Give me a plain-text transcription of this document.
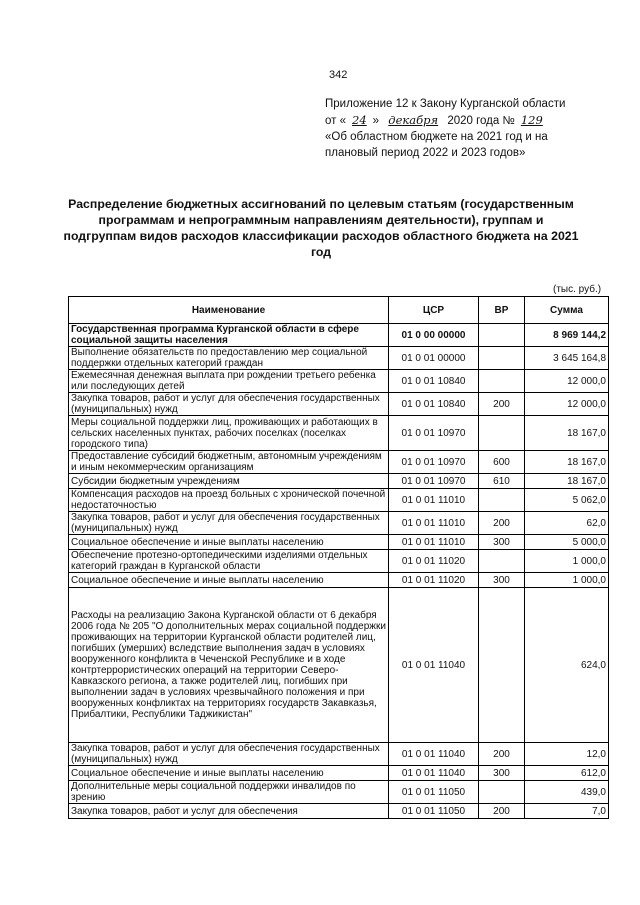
342
Приложение 12 к Закону Курганской области
от « 24 » декабря 2020 года № 129
«Об областном бюджете на 2021 год и на
плановый период 2022 и 2023 годов»
Распределение бюджетных ассигнований по целевым статьям (государственным программам и непрограммным направлениям деятельности), группам и подгруппам видов расходов классификации расходов областного бюджета на 2021 год
(тыс. руб.)
Наименование	ЦСР	ВР	Сумма
Государственная программа Курганской области в сфере социальной защиты населения	01 0 00 00000		8 969 144,2
Выполнение обязательств по предоставлению мер социальной поддержки отдельных категорий граждан	01 0 01 00000		3 645 164,8
Ежемесячная денежная выплата при рождении третьего ребенка или последующих детей	01 0 01 10840		12 000,0
Закупка товаров, работ и услуг для обеспечения государственных (муниципальных) нужд	01 0 01 10840	200	12 000,0
Меры социальной поддержки лиц, проживающих и работающих в сельских населенных пунктах, рабочих поселках (поселках городского типа)	01 0 01 10970		18 167,0
Предоставление субсидий бюджетным, автономным учреждениям и иным некоммерческим организациям	01 0 01 10970	600	18 167,0
Субсидии бюджетным учреждениям	01 0 01 10970	610	18 167,0
Компенсация расходов на проезд больных с хронической почечной недостаточностью	01 0 01 11010		5 062,0
Закупка товаров, работ и услуг для обеспечения государственных (муниципальных) нужд	01 0 01 11010	200	62,0
Социальное обеспечение и иные выплаты населению	01 0 01 11010	300	5 000,0
Обеспечение протезно-ортопедическими изделиями отдельных категорий граждан в Курганской области	01 0 01 11020		1 000,0
Социальное обеспечение и иные выплаты населению	01 0 01 11020	300	1 000,0
Расходы на реализацию Закона Курганской области от 6 декабря 2006 года № 205 "О дополнительных мерах социальной поддержки проживающих на территории Курганской области родителей лиц, погибших (умерших) вследствие выполнения задач в условиях вооруженного конфликта в Чеченской Республике и в ходе контртеррористических операций на территории Северо-Кавказского региона, а также родителей лиц, погибших при выполнении задач в условиях чрезвычайного положения и при вооруженных конфликтах на территориях государств Закавказья, Прибалтики, Республики Таджикистан"	01 0 01 11040		624,0
Закупка товаров, работ и услуг для обеспечения государственных (муниципальных) нужд	01 0 01 11040	200	12,0
Социальное обеспечение и иные выплаты населению	01 0 01 11040	300	612,0
Дополнительные меры социальной поддержки инвалидов по зрению	01 0 01 11050		439,0
Закупка товаров, работ и услуг для обеспечения	01 0 01 11050	200	7,0
